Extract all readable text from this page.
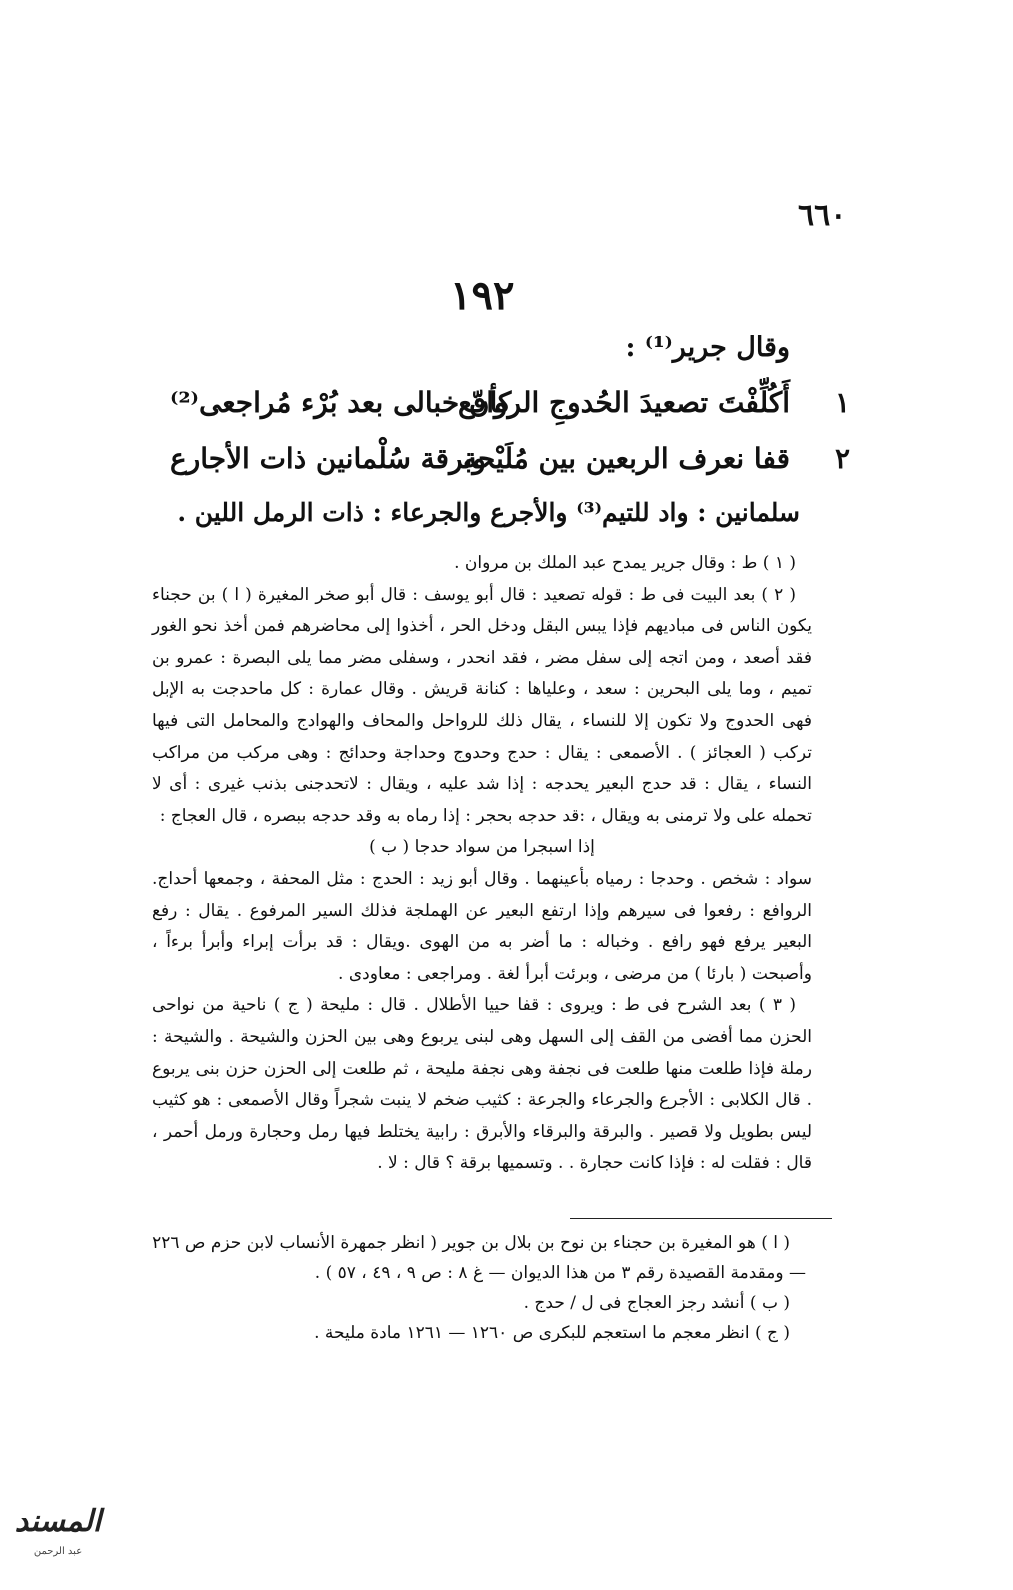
٦٦٠
١٩٢
وقال جرير⁽¹⁾ :
١
أَكُلِّفْتَ تصعيدَ الحُدوجِ الروافع
كأنّ خبالى بعد بُرْء مُراجعى⁽²⁾
٢
قفا نعرف الربعين بين مُلَيْحة
وبرقة سُلْمانين ذات الأجارع
سلمانين : واد للتيم⁽³⁾ والأجرع والجرعاء : ذات الرمل اللين .

( ١ ) ط : وقال جرير يمدح عبد الملك بن مروان .

( ٢ ) بعد البيت فى ط : قوله تصعيد : قال أبو يوسف : قال أبو صخر المغيرة ( ا ) بن حجناء يكون الناس فى مباديهم فإذا يبس البقل ودخل الحر ، أخذوا إلى محاضرهم فمن أخذ نحو الغور فقد أصعد ، ومن اتجه إلى سفل مضر ، فقد انحدر ، وسفلى مضر مما يلى البصرة : عمرو بن تميم ، وما يلى البحرين : سعد ، وعلياها : كنانة قريش . وقال عمارة : كل ماحدجت به الإبل فهى الحدوج ولا تكون إلا للنساء ، يقال ذلك للرواحل والمحاف والهوادج والمحامل التى فيها تركب ( العجائز ) . الأصمعى : يقال : حدج وحدوج وحداجة وحدائج : وهى مركب من مراكب النساء ، يقال : قد حدج البعير يحدجه : إذا شد عليه ، ويقال : لاتحدجنى بذنب غيرى : أى لا تحمله على ولا ترمنى به ويقال ، :قد حدجه بحجر : إذا رماه به وقد حدجه ببصره ، قال العجاج :

إذا اسبجرا من سواد حدجا ( ب )

سواد : شخص . وحدجا : رمياه بأعينهما . وقال أبو زيد : الحدج : مثل المحفة ، وجمعها أحداج. الروافع : رفعوا فى سيرهم وإذا ارتفع البعير عن الهملجة فذلك السير المرفوع . يقال : رفع البعير يرفع فهو رافع . وخباله : ما أضر به من الهوى .ويقال : قد برأت إبراء وأبرأ برءاً ، وأصبحت ( بارئا ) من مرضى ، وبرئت أبرأ لغة . ومراجعى : معاودى .

( ٣ ) بعد الشرح فى ط : ويروى : قفا حييا الأطلال . قال : مليحة ( ج ) ناحية من نواحى الحزن مما أفضى من القف إلى السهل وهى لبنى يربوع وهى بين الحزن والشيحة . والشيحة : رملة فإذا طلعت منها طلعت فى نجفة وهى نجفة مليحة ، ثم طلعت إلى الحزن حزن بنى يربوع . قال الكلابى : الأجرع والجرعاء والجرعة : كثيب ضخم لا ينبت شجراً وقال الأصمعى : هو كثيب ليس بطويل ولا قصير . والبرقة والبرقاء والأبرق : رابية يختلط فيها رمل وحجارة ورمل أحمر ، قال : فقلت له : فإذا كانت حجارة . . وتسميها برقة ؟ قال : لا .

( ا ) هو المغيرة بن حجناء بن نوح بن بلال بن جوير ( انظر جمهرة الأنساب لابن حزم ص ٢٢٦ — ومقدمة القصيدة رقم ٣ من هذا الديوان — غ ٨ : ص ٩ ، ٤٩ ، ٥٧ ) .

( ب ) أنشد رجز العجاج فى ل / حدج .

( ج ) انظر معجم ما استعجم للبكرى ص ١٢٦٠ — ١٢٦١ مادة مليحة .

المسند
عبد الرحمن
